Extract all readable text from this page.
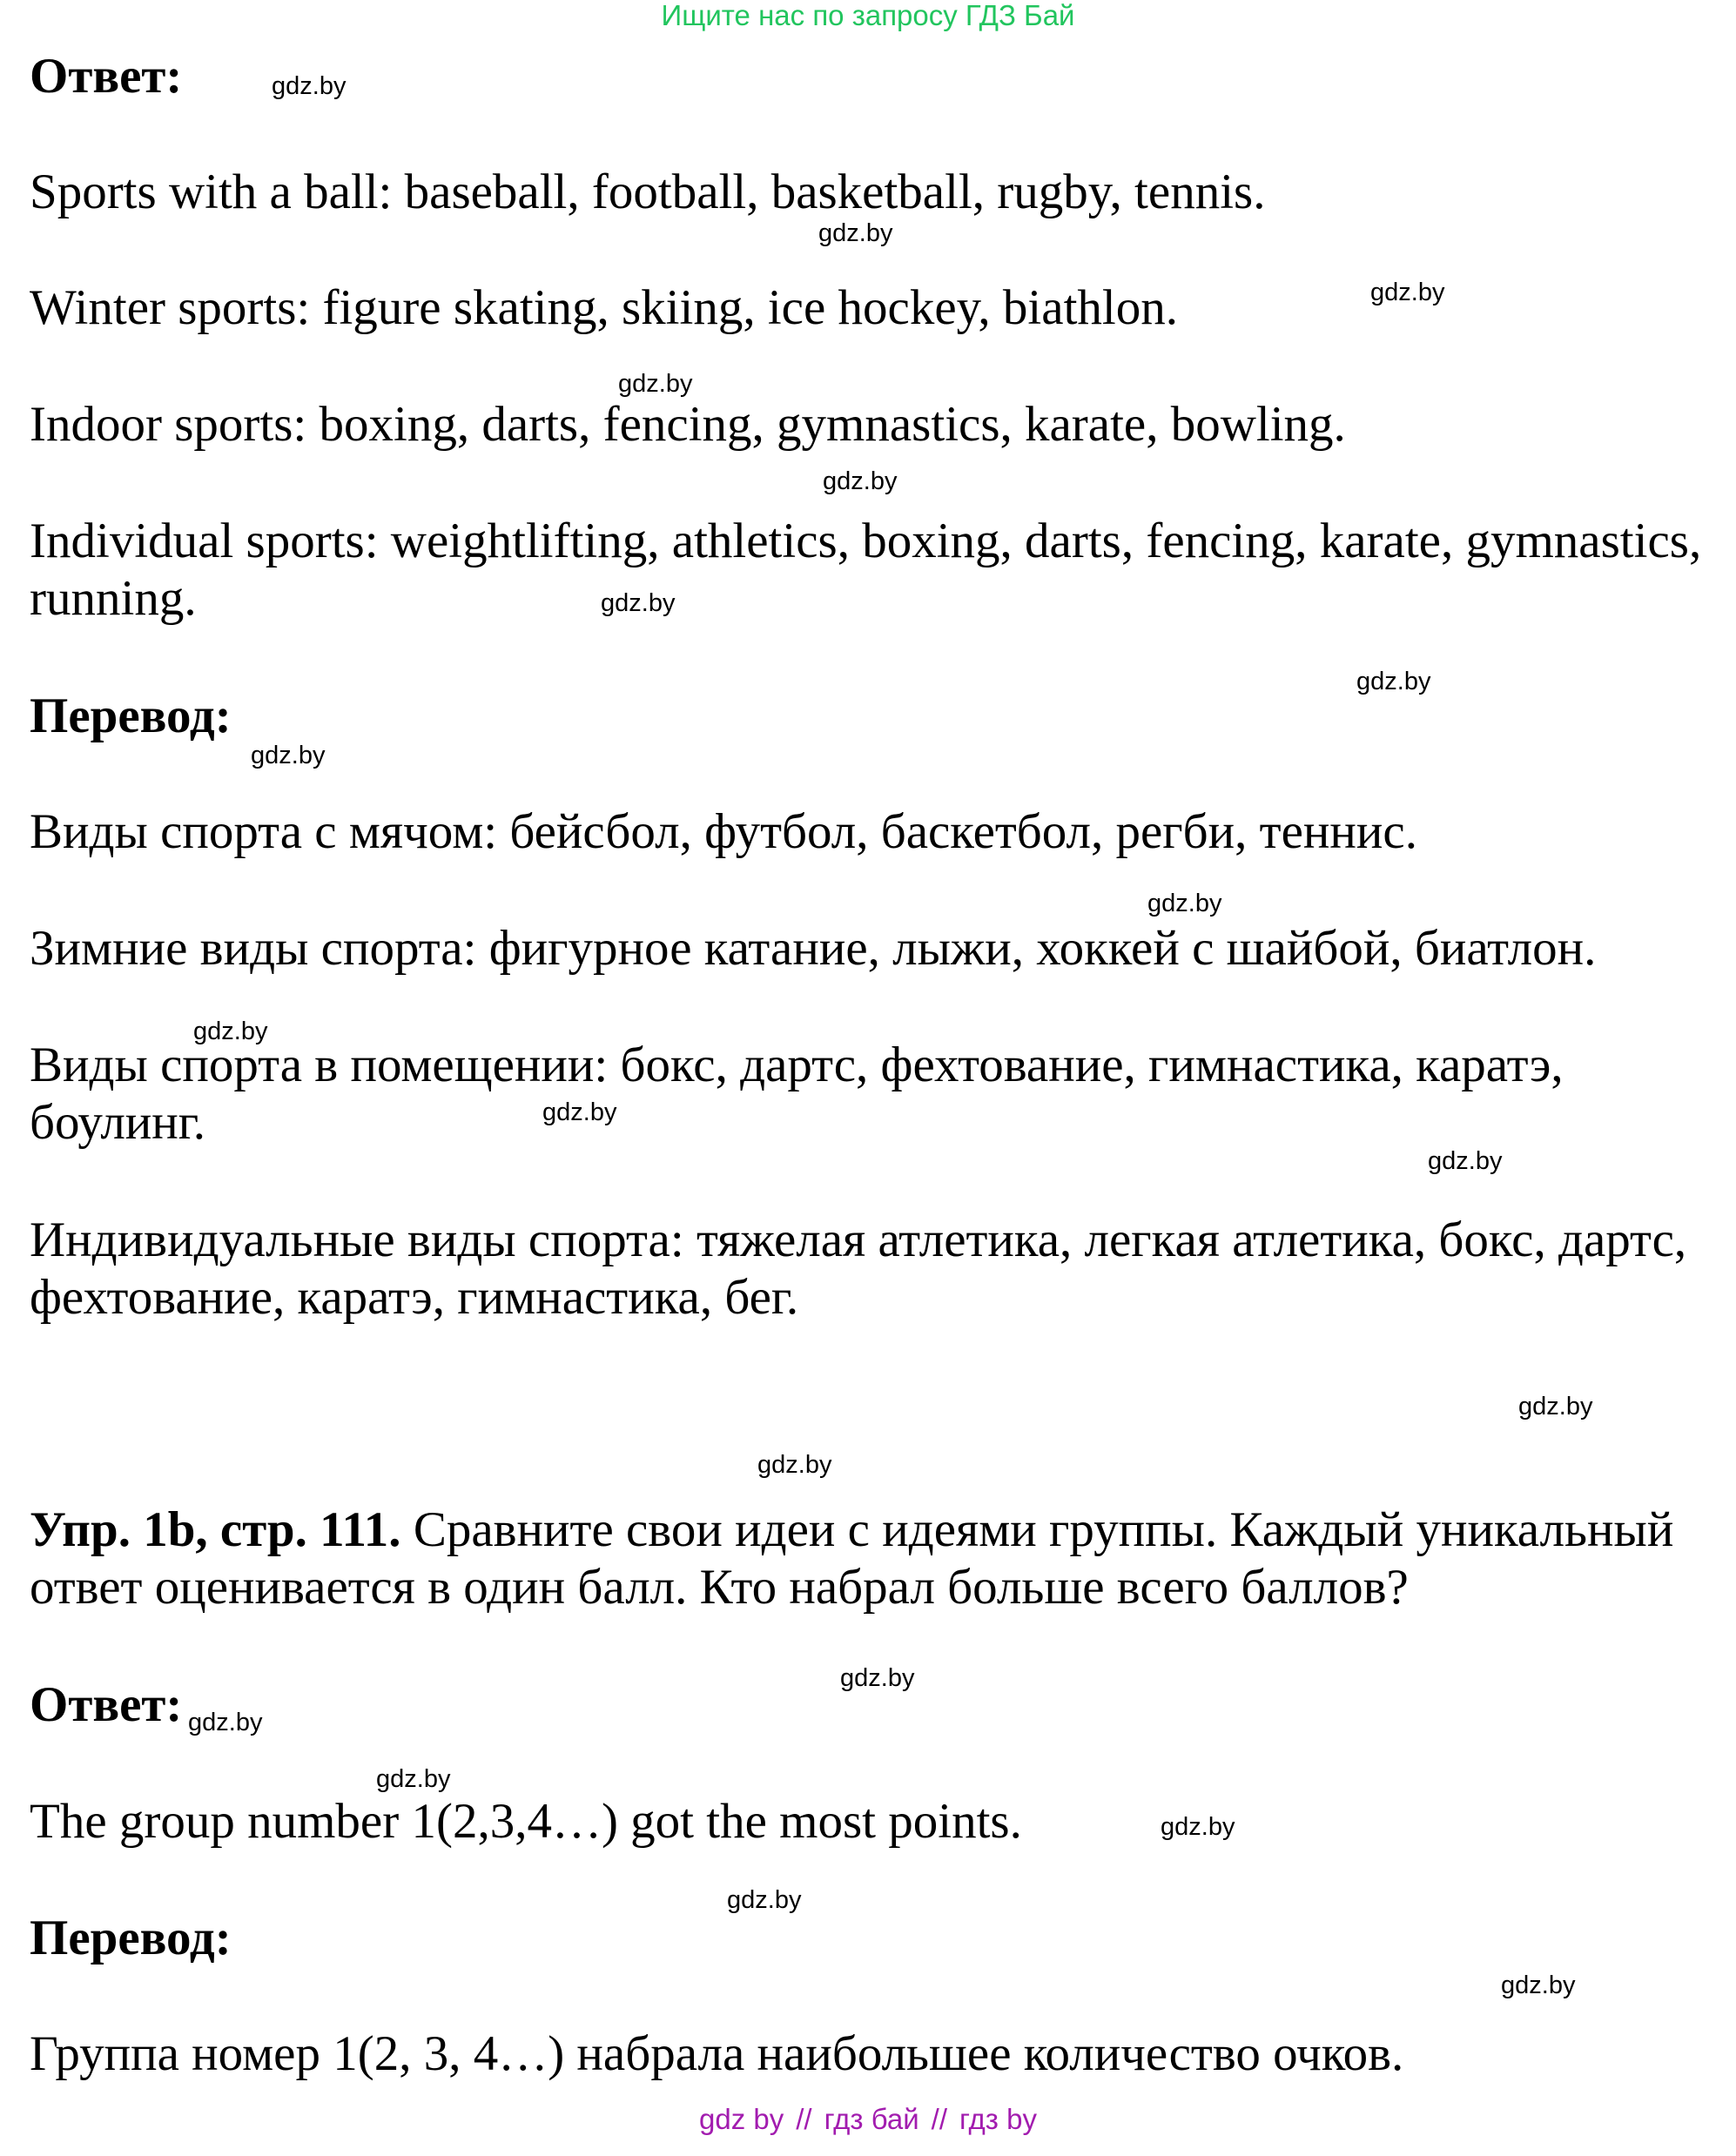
Ищите нас по запросу ГДЗ Бай
Ответ:
Sports with a ball: baseball, football, basketball, rugby, tennis.
Winter sports: figure skating, skiing, ice hockey, biathlon.
Indoor sports: boxing, darts, fencing, gymnastics, karate, bowling.
Individual sports: weightlifting, athletics, boxing, darts, fencing, karate, gymnastics, running.
Перевод:
Виды спорта с мячом: бейсбол, футбол, баскетбол, регби, теннис.
Зимние виды спорта: фигурное катание, лыжи, хоккей с шайбой, биатлон.
Виды спорта в помещении: бокс, дартс, фехтование, гимнастика, каратэ, боулинг.
Индивидуальные виды спорта: тяжелая атлетика, легкая атлетика, бокс, дартс, фехтование, каратэ, гимнастика, бег.
Упр. 1b, стр. 111. Сравните свои идеи с идеями группы. Каждый уникальный ответ оценивается в один балл. Кто набрал больше всего баллов?
Ответ:
The group number 1(2,3,4…) got the most points.
Перевод:
Группа номер 1(2, 3, 4…) набрала наибольшее количество очков.
gdz.by
gdz.by
gdz.by
gdz.by
gdz.by
gdz.by
gdz.by
gdz.by
gdz.by
gdz.by
gdz.by
gdz.by
gdz.by
gdz.by
gdz.by
gdz.by
gdz.by
gdz.by
gdz.by
gdz.by
gdz by // гдз бай // гдз by
